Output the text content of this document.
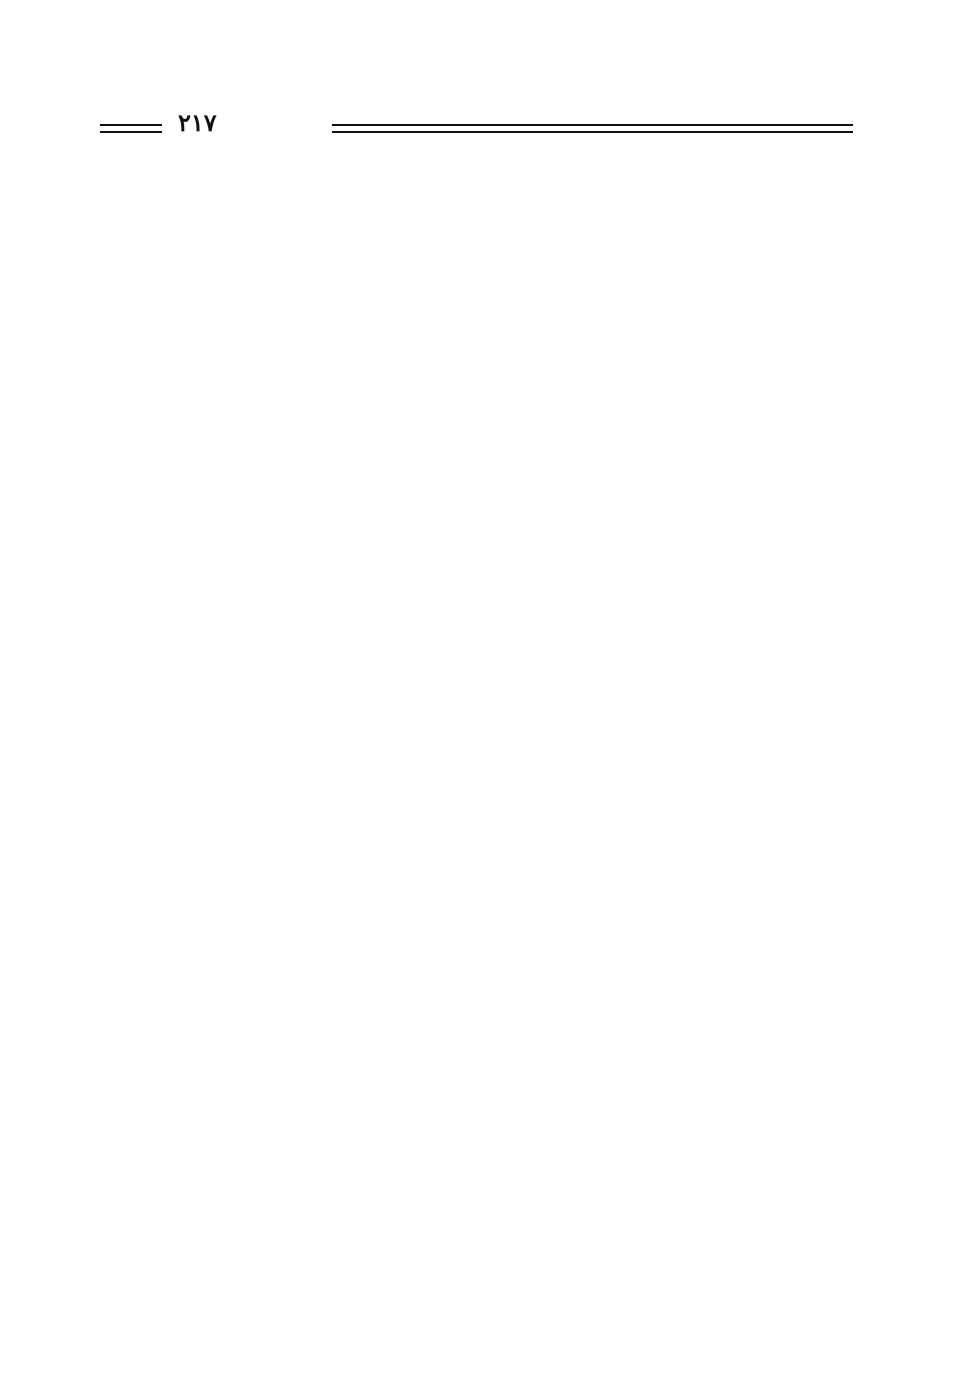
٢١٧
